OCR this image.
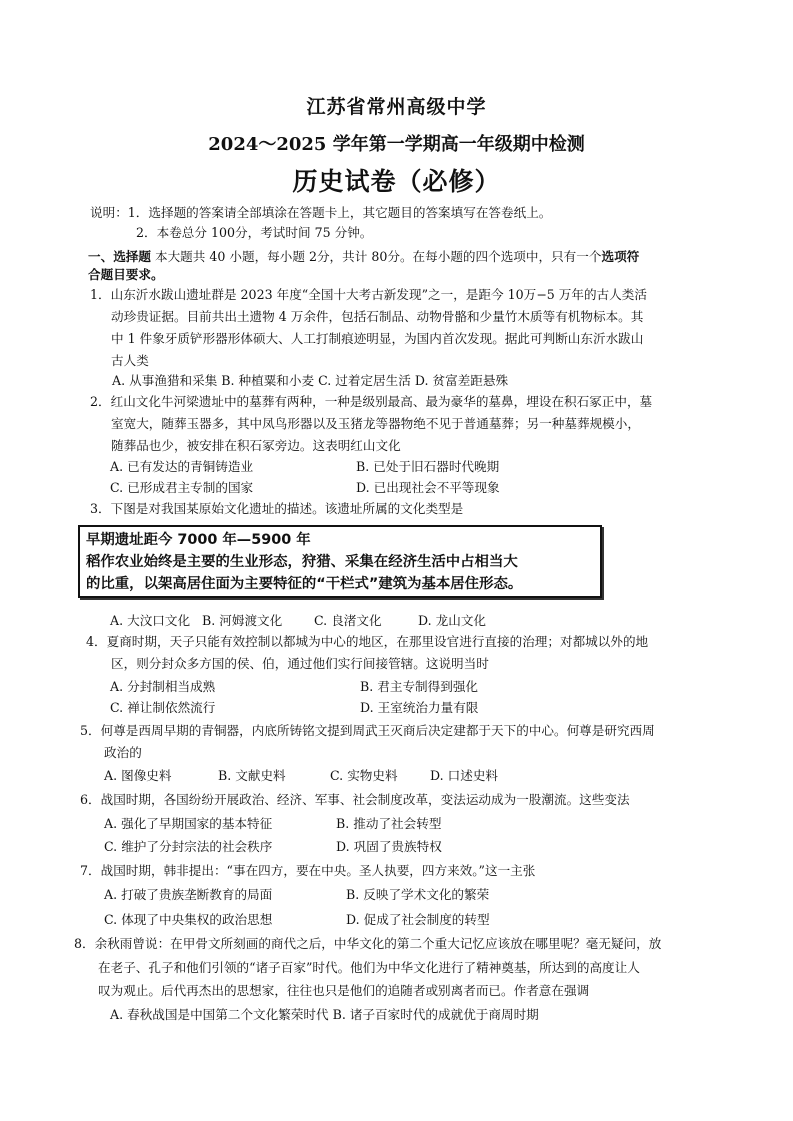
江苏省常州高级中学
2024～2025 学年第一学期高一年级期中检测
历史试卷（必修）
说明：1．选择题的答案请全部填涂在答题卡上，其它题目的答案填写在答卷纸上。
2．本卷总分 100分，考试时间 75 分钟。
一、选择题 本大题共 40 小题，每小题 2分，共计 80分。在每小题的四个选项中，只有一个选项符
合题目要求。
1．山东沂水跋山遗址群是 2023 年度“全国十大考古新发现”之一，是距今 10万−5 万年的古人类活
动珍贵证据。目前共出土遗物 4 万余件，包括石制品、动物骨骼和少量竹木质等有机物标本。其
中 1 件象牙质铲形器形体硕大、人工打制痕迹明显，为国内首次发现。据此可判断山东沂水跋山
古人类
A. 从事渔猎和采集 B. 种植粟和小麦 C. 过着定居生活 D. 贫富差距悬殊
2．红山文化牛河梁遗址中的墓葬有两种，一种是级别最高、最为豪华的墓鼻，埋设在积石冢正中，墓
室宽大，随葬玉器多，其中凤鸟形器以及玉猪龙等器物绝不见于普通墓葬；另一种墓葬规模小，
随葬品也少，被安排在积石冢旁边。这表明红山文化
A. 已有发达的青铜铸造业	B. 已处于旧石器时代晚期
C. 已形成君主专制的国家	D. 已出现社会不平等现象
3．下图是对我国某原始文化遗址的描述。该遗址所属的文化类型是
早期遗址距今 7000 年—5900 年
稻作农业始终是主要的生业形态，狩猎、采集在经济生活中占相当大
的比重，以架高居住面为主要特征的“干栏式”建筑为基本居住形态。
A. 大汶口文化 B. 河姆渡文化	C. 良渚文化	D. 龙山文化
4．夏商时期，天子只能有效控制以都城为中心的地区，在那里设官进行直接的治理；对都城以外的地
区，则分封众多方国的侯、伯，通过他们实行间接管辖。这说明当时
A. 分封制相当成熟	B. 君主专制得到强化
C. 禅让制依然流行	D. 王室统治力量有限
5．何尊是西周早期的青铜器，内底所铸铭文提到周武王灭商后决定建都于天下的中心。何尊是研究西周
政治的
A. 图像史料	B. 文献史料	C. 实物史料	D. 口述史料
6．战国时期，各国纷纷开展政治、经济、军事、社会制度改革，变法运动成为一股潮流。这些变法
A. 强化了早期国家的基本特征	B. 推动了社会转型
C. 维护了分封宗法的社会秩序	D. 巩固了贵族特权
7．战国时期，韩非提出：“事在四方，要在中央。圣人执要，四方来效。”这一主张
A. 打破了贵族垄断教育的局面	B. 反映了学术文化的繁荣
C. 体现了中央集权的政治思想	D. 促成了社会制度的转型
8．余秋雨曾说：在甲骨文所刻画的商代之后，中华文化的第二个重大记忆应该放在哪里呢？毫无疑问，放
在老子、孔子和他们引领的“诸子百家”时代。他们为中华文化进行了精神奠基，所达到的高度让人
叹为观止。后代再杰出的思想家，往往也只是他们的追随者或别离者而已。作者意在强调
A. 春秋战国是中国第二个文化繁荣时代 B. 诸子百家时代的成就优于商周时期
